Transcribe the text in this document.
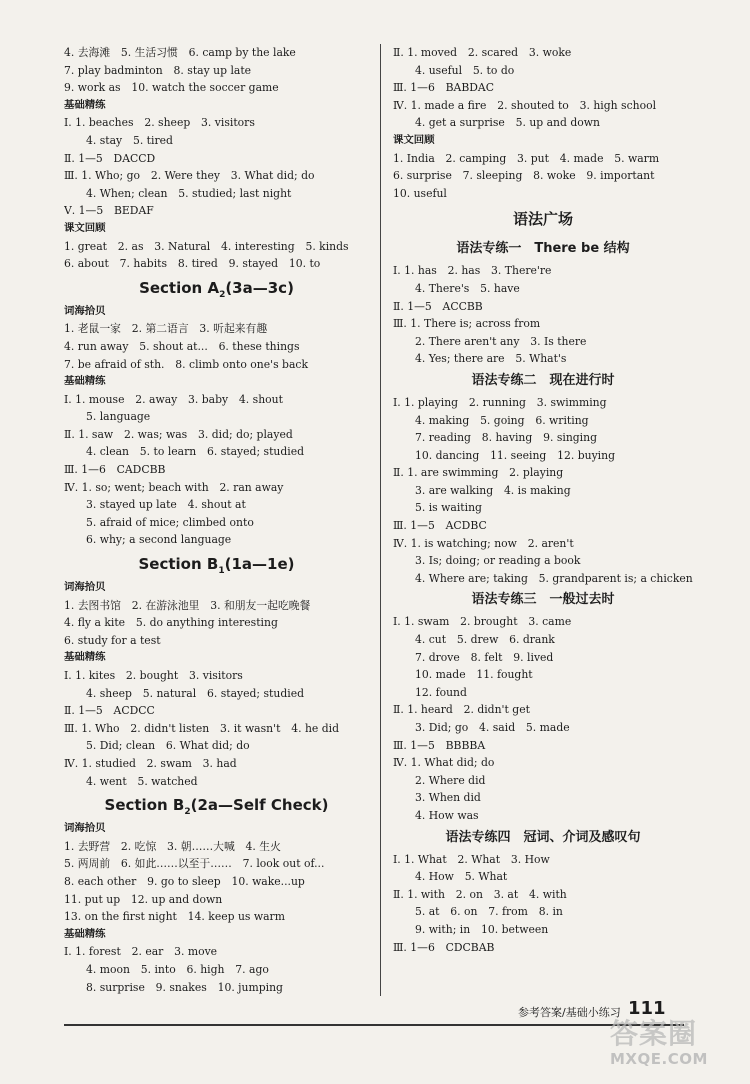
4. 去海滩　5. 生活习惯　6. camp by the lake
7. play badminton　8. stay up late
9. work as　10. watch the soccer game
基础精练
Ⅰ. 1. beaches　2. sheep　3. visitors
4. stay　5. tired
Ⅱ. 1—5　DACCD
Ⅲ. 1. Who; go　2. Were they　3. What did; do
4. When; clean　5. studied; last night
Ⅴ. 1—5　BEDAF
课文回顾
1. great　2. as　3. Natural　4. interesting　5. kinds
6. about　7. habits　8. tired　9. stayed　10. to
Section $A_2(3a—3c)$
词海拾贝
1. 老鼠一家　2. 第二语言　3. 听起来有趣
4. run away　5. shout at...　6. these things
7. be afraid of sth.　8. climb onto one's back
基础精练
Ⅰ. 1. mouse　2. away　3. baby　4. shout
5. language
Ⅱ. 1. saw　2. was; was　3. did; do; played
4. clean　5. to learn　6. stayed; studied
Ⅲ. 1—6　CADCBB
Ⅳ. 1. so; went; beach with　2. ran away
3. stayed up late　4. shout at
5. afraid of mice; climbed onto
6. why; a second language
Section $B_1(1a—1e)$
词海拾贝
1. 去图书馆　2. 在游泳池里　3. 和朋友一起吃晚餐
4. fly a kite　5. do anything interesting
6. study for a test
基础精练
Ⅰ. 1. kites　2. bought　3. visitors
4. sheep　5. natural　6. stayed; studied
Ⅱ. 1—5　ACDCC
Ⅲ. 1. Who　2. didn't listen　3. it wasn't　4. he did
5. Did; clean　6. What did; do
Ⅳ. 1. studied　2. swam　3. had
4. went　5. watched
Section $B_2(2a—Self$ Check)
词海拾贝
1. 去野营　2. 吃惊　3. 朝……大喊　4. 生火
5. 两周前　6. 如此……以至于……　7. look out of...
8. each other　9. go to sleep　10. wake...up
11. put up　12. up and down
13. on the first night　14. keep us warm
基础精练
Ⅰ. 1. forest　2. ear　3. move
4. moon　5. into　6. high　7. ago
8. surprise　9. snakes　10. jumping
Ⅱ. 1. moved　2. scared　3. woke
4. useful　5. to do
Ⅲ. 1—6　BABDAC
Ⅳ. 1. made a fire　2. shouted to　3. high school
4. get a surprise　5. up and down
课文回顾
1. India　2. camping　3. put　4. made　5. warm
6. surprise　7. sleeping　8. woke　9. important
10. useful
语法广场
语法专练一　There be 结构
Ⅰ. 1. has　2. has　3. There're
4. There's　5. have
Ⅱ. 1—5　ACCBB
Ⅲ. 1. There is; across from
2. There aren't any　3. Is there
4. Yes; there are　5. What's
语法专练二　现在进行时
Ⅰ. 1. playing　2. running　3. swimming
4. making　5. going　6. writing
7. reading　8. having　9. singing
10. dancing　11. seeing　12. buying
Ⅱ. 1. are swimming　2. playing
3. are walking　4. is making
5. is waiting
Ⅲ. 1—5　ACDBC
Ⅳ. 1. is watching; now　2. aren't
3. Is; doing; or reading a book
4. Where are; taking　5. grandparent is; a chicken
语法专练三　一般过去时
Ⅰ. 1. swam　2. brought　3. came
4. cut　5. drew　6. drank
7. drove　8. felt　9. lived
10. made　11. fought
12. found
Ⅱ. 1. heard　2. didn't get
3. Did; go　4. said　5. made
Ⅲ. 1—5　BBBBA
Ⅳ. 1. What did; do
2. Where did
3. When did
4. How was
语法专练四　冠词、介词及感叹句
Ⅰ. 1. What　2. What　3. How
4. How　5. What
Ⅱ. 1. with　2. on　3. at　4. with
5. at　6. on　7. from　8. in
9. with; in　10. between
Ⅲ. 1—6　CDCBAB
参考答案/基础小练习 111
答案圈
MXQE.COM
